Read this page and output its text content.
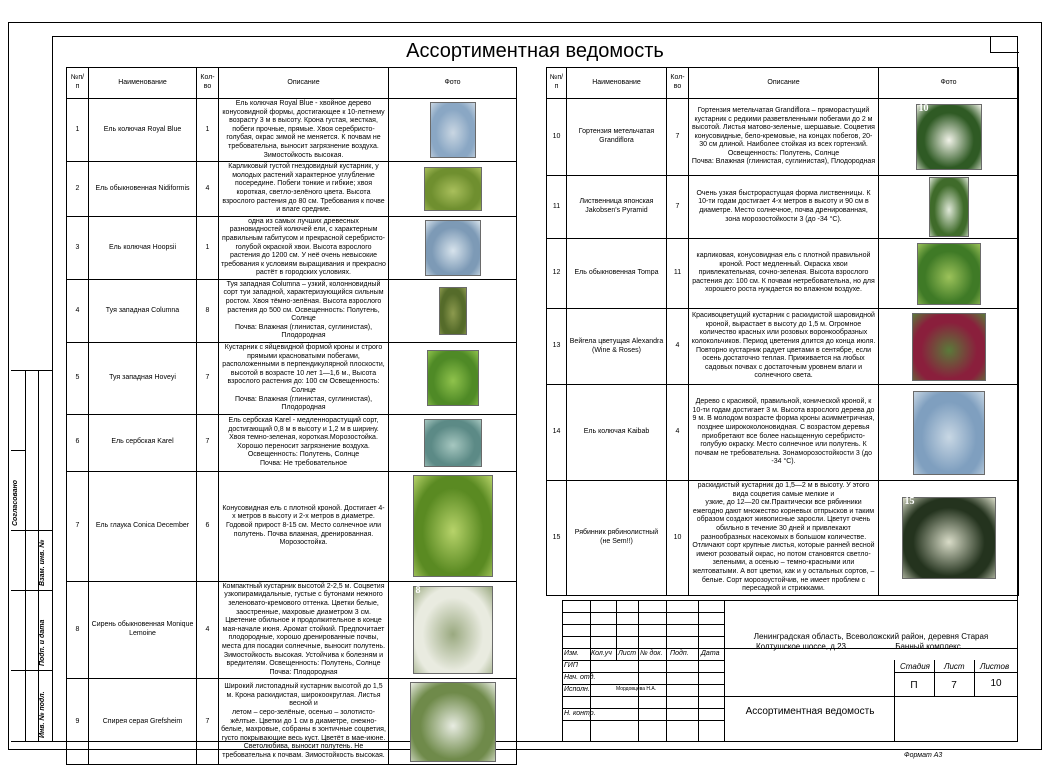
Ассортиментная ведомость
№п/п	Наименование	Кол-во	Описание	Фото
1	Ель колючая Royal Blue	1	Ель колючая Royal Blue - хвойное дерево конусовидной формы, достигающее к 10-летнему возрасту 3 м в высоту. Крона густая, жесткая, побеги прочные, прямые. Хвоя серебристо-голубая, окрас зимой не меняется. К почвам не требовательна, выносит загрязнение воздуха. Зимостойкость высокая.	

2	Ель обыкновенная Nidiformis	4	Карликовый густой гнездовидный кустарник, у молодых растений характерное углубление посередине. Побеги тонкие и гибкие; хвоя короткая, светло-зелёного цвета. Высота взрослого растения до 80 см. Требования к почве и влаге средние.	

3	Ель колючая Hoopsii	1	одна из самых лучших древесных разновидностей колючей ели, с характерным правильным габитусом и прекрасной серебристо-голубой окраской хвои. Высота взрослого растения до 1200 см. У неё очень невысокие требования к условиям выращивания и прекрасно растёт в городских условиях.	

4	Туя западная Columna	8	Туя западная Columna – узкий, колонновидный сорт туи западной, характеризующийся сильным ростом. Хвоя тёмно-зелёная. Высота взрослого растения до 500 см. Освещенность: Полутень, Солнце
Почва: Влажная (глинистая, суглинистая), Плодородная	

5	Туя западная Hoveyi	7	Кустарник с яйцевидной формой кроны и строго прямыми красноватыми побегами, расположенными в перпендикулярной плоскости, высотой в возрасте 10 лет 1—1,6 м., Высота взрослого растения до: 100 см Освещенность: Солнце
Почва: Влажная (глинистая, суглинистая), Плодородная	

6	Ель сербская Karel	7	Ель сербская Karel - медленнорастущий сорт, достигающий 0,8 м в высоту и 1,2 м в ширину. Хвоя темно-зеленая, короткая.Морозостойка. Хорошо переносит загрязнение воздуха.
Освещенность: Полутень, Солнце
Почва: Не требовательное	

7	Ель глаука Conica December	6	Конусовидная ель с плотной кроной. Достигает 4-х метров в высоту и 2-х метров в диаметре. Годовой прирост 8-15 см. Место солнечное или полутень. Почва влажная, дренированная. Морозостойка.	

8	Сирень обыкновенная Monique Lemoine	4	Компактный кустарник высотой 2-2,5 м. Соцветия узкопирамидальные, густые с бутонами нежного зеленовато-кремового оттенка. Цветки белые, заостренные, махровые диаметром 3 см. Цветение обильное и продолжительное в конце мая-начале июня. Аромат стойкий. Предпочитает плодородные, хорошо дренированные почвы, места для посадки солнечные, выносит полутень. Зимостойкость высокая. Устойчива к болезням и вредителям. Освещенность: Полутень, Солнце
Почва: Плодородная	8

9	Спирея серая Grefsheim	7	Широкий листопадный кустарник высотой до 1,5 м. Крона раскидистая, широкоокруглая. Листья весной и
летом – серо-зелёные, осенью – золотисто-жёлтые. Цветки до 1 см в диаметре, снежно-белые, махровые, собраны в зонтичные соцветия, густо покрывающие весь куст. Цветёт в мае-июне. Светолюбива, выносит полутень. Не требовательна к почвам. Зимостойкость высокая.	
№п/п	Наименование	Кол-во	Описание	Фото
10	Гортензия метельчатая Grandiflora	7	Гортензия метельчатая Grandiflora – пряморастущий кустарник с редкими разветвленными побегами до 2 м высотой. Листья матово-зеленые, шершавые. Соцветия конусовидные, бело-кремовые, на концах побегов, 20-30 см длиной. Наиболее стойкая из всех гортензий. Освещенность: Полутень, Солнце
Почва: Влажная (глинистая, суглинистая), Плодородная	10

11	Лиственница японская Jakobsen's Pyramid	7	Очень узкая быстрорастущая форма лиственницы. К 10-ти годам достигает 4-х метров в высоту и 90 см в диаметре. Место солнечное, почва дренированная, зона морозостойкости 3 (до -34 °С).	

12	Ель обыкновенная Tompa	11	карликовая, конусовидная ель с плотной правильной кроной. Рост медленный. Окраска хвои привлекательная, сочно-зеленая. Высота взрослого растения до: 100 см. К почвам нетребовательна, но для хорошего роста нуждается во влажном воздухе.	

13	Вейгела цветущая Alexandra (Wine & Roses)	4	Красивоцветущий кустарник с раскидистой шаровидной кроной, вырастает в высоту до 1,5 м. Огромное количество красных или розовых воронкообразных колокольчиков. Период цветения длится до конца июля. Повторно кустарник радует цветами в сентябре, если осень достаточно теплая. Приживается на любых садовых почвах с достаточным уровнем влаги и солнечного света.	

14	Ель колючая Kaibab	4	Дерево с красивой, правильной, конической кроной, к 10-ти годам достигает 3 м. Высота взрослого дерева до 9 м. В молодом возрасте форма кроны асимметричная, позднее ширококолоновидная. С возрастом деревья приобретают все более насыщенную серебристо-голубую окраску. Место солнечное или полутень. К почвам не требовательна. Зонаморозостойкости 3 (до -34 °С).	

15	Рябинник рябинолистный (не Sem!!)	10	раскидистый кустарник до 1,5—2 м в высоту. У этого вида соцветия самые мелкие и
узкие, до 12—20 см.Практически все рябинники ежегодно дают множество корневых отпрысков и таким образом создают живописные заросли. Цветут очень обильно в течение 30 дней и привлекают разнообразных насекомых в большом количестве. Отличают сорт крупные листья, которые ранней весной имеют розоватый окрас, но потом становятся светло-зелеными, а осенью – темно-красными или желтоватыми. А вот цветки, как и у остальных сортов, – белые. Сорт морозоустойчив, не имеет проблем с пересадкой и стрижками.	15
Инв. № подл.
Подп. и дата
Взам. инв. №
Согласовано
Изм. Кол.уч Лист № док. Подп. Дата
ГИП
Нач. отд.
Исполн.
Н. контр.
Мордовцева Н.А.
Ленинградская область, Всеволожский район, деревня Старая
Колтушское шоссе, д.23	Банный комплекс
Стадия Лист Листов
П	7	10
Ассортиментная ведомость
Формат А3
